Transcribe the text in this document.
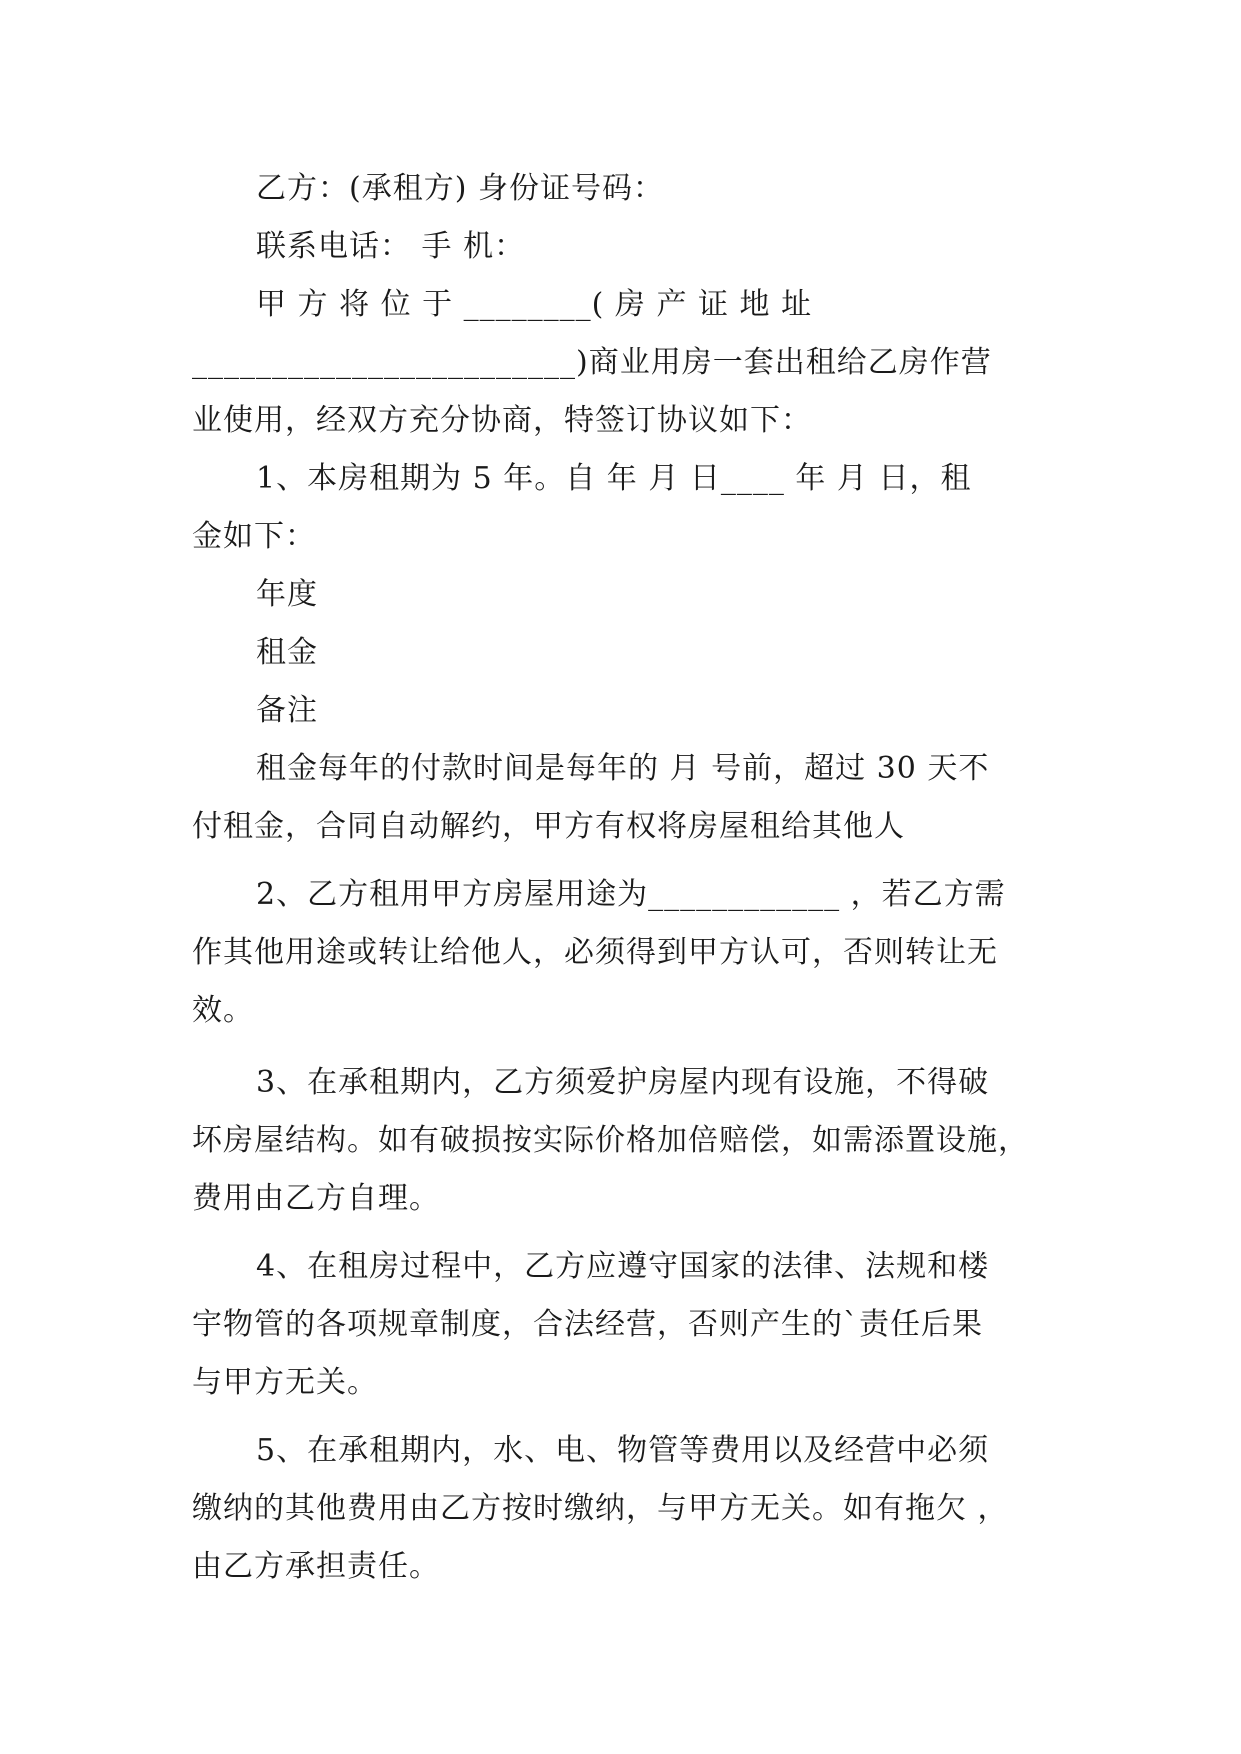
乙方：(承租方) 身份证号码：
联系电话： 手 机：
甲 方 将 位 于 ________( 房 产 证 地 址
________________________)商业用房一套出租给乙房作营
业使用，经双方充分协商，特签订协议如下：
1、本房租期为 5 年。自 年 月 日____ 年 月 日，租
金如下：
年度
租金
备注
租金每年的付款时间是每年的 月 号前，超过 30 天不
付租金，合同自动解约，甲方有权将房屋租给其他人
2、乙方租用甲方房屋用途为____________ ，若乙方需
作其他用途或转让给他人，必须得到甲方认可，否则转让无
效。
3、在承租期内，乙方须爱护房屋内现有设施，不得破
坏房屋结构。如有破损按实际价格加倍赔偿，如需添置设施，
费用由乙方自理。
4、在租房过程中，乙方应遵守国家的法律、法规和楼
宇物管的各项规章制度，合法经营，否则产生的`责任后果
与甲方无关。
5、在承租期内，水、电、物管等费用以及经营中必须
缴纳的其他费用由乙方按时缴纳，与甲方无关。如有拖欠 ，
由乙方承担责任。
